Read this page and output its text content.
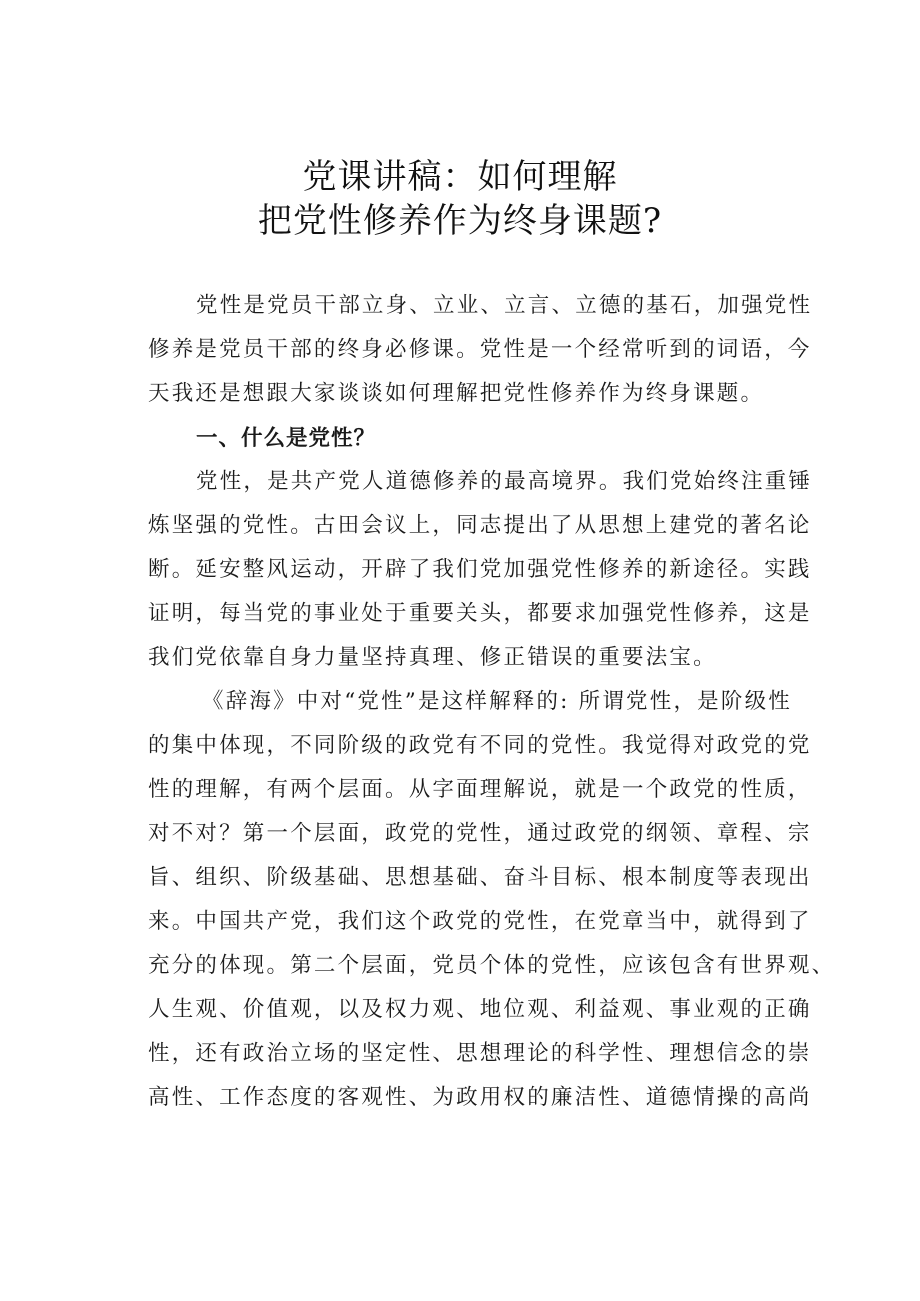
党课讲稿：如何理解
把党性修养作为终身课题?
党性是党员干部立身、立业、立言、立德的基石，加强党性
修养是党员干部的终身必修课。党性是一个经常听到的词语，今
天我还是想跟大家谈谈如何理解把党性修养作为终身课题。
一、什么是党性？
党性，是共产党人道德修养的最高境界。我们党始终注重锤
炼坚强的党性。古田会议上，同志提出了从思想上建党的著名论
断。延安整风运动，开辟了我们党加强党性修养的新途径。实践
证明，每当党的事业处于重要关头，都要求加强党性修养，这是
我们党依靠自身力量坚持真理、修正错误的重要法宝。
《辞海》中对“党性”是这样解释的: 所谓党性，是阶级性
的集中体现，不同阶级的政党有不同的党性。我觉得对政党的党
性的理解，有两个层面。从字面理解说，就是一个政党的性质，
对不对？第一个层面，政党的党性，通过政党的纲领、章程、宗
旨、组织、阶级基础、思想基础、奋斗目标、根本制度等表现出
来。中国共产党，我们这个政党的党性，在党章当中，就得到了
充分的体现。第二个层面，党员个体的党性，应该包含有世界观、
人生观、价值观，以及权力观、地位观、利益观、事业观的正确
性，还有政治立场的坚定性、思想理论的科学性、理想信念的崇
高性、工作态度的客观性、为政用权的廉洁性、道德情操的高尚
